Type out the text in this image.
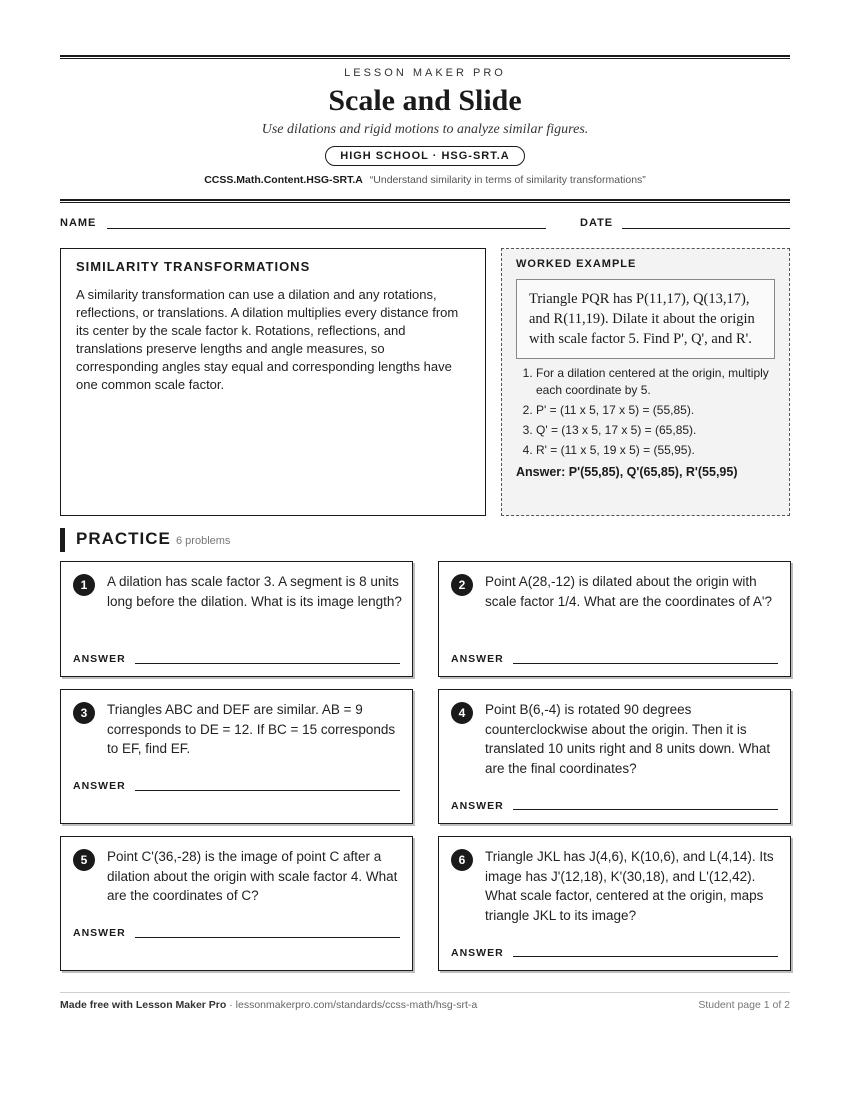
LESSON MAKER PRO
Scale and Slide
Use dilations and rigid motions to analyze similar figures.
HIGH SCHOOL · HSG-SRT.A
CCSS.Math.Content.HSG-SRT.A “Understand similarity in terms of similarity transformations”
NAME	DATE
SIMILARITY TRANSFORMATIONS

A similarity transformation can use a dilation and any rotations, reflections, or translations. A dilation multiplies every distance from its center by the scale factor k. Rotations, reflections, and translations preserve lengths and angle measures, so corresponding angles stay equal and corresponding lengths have one common scale factor.

WORKED EXAMPLE
Triangle PQR has P(11,17), Q(13,17), and R(11,19). Dilate it about the origin with scale factor 5. Find P', Q', and R'.
1. For a dilation centered at the origin, multiply each coordinate by 5.
2. P' = (11 x 5, 17 x 5) = (55,85).
3. Q' = (13 x 5, 17 x 5) = (65,85).
4. R' = (11 x 5, 19 x 5) = (55,95).
Answer: P'(55,85), Q'(65,85), R'(55,95)
PRACTICE 6 problems
1	A dilation has scale factor 3. A segment is 8 units long before the dilation. What is its image length?
ANSWER
2	Point A(28,-12) is dilated about the origin with scale factor 1/4. What are the coordinates of A'?
ANSWER
3	Triangles ABC and DEF are similar. AB = 9 corresponds to DE = 12. If BC = 15 corresponds to EF, find EF.
ANSWER
4	Point B(6,-4) is rotated 90 degrees counterclockwise about the origin. Then it is translated 10 units right and 8 units down. What are the final coordinates?
ANSWER
5	Point C'(36,-28) is the image of point C after a dilation about the origin with scale factor 4. What are the coordinates of C?
ANSWER
6	Triangle JKL has J(4,6), K(10,6), and L(4,14). Its image has J'(12,18), K'(30,18), and L'(12,42). What scale factor, centered at the origin, maps triangle JKL to its image?
ANSWER
Made free with Lesson Maker Pro · lessonmakerpro.com/standards/ccss-math/hsg-srt-a	Student page 1 of 2
